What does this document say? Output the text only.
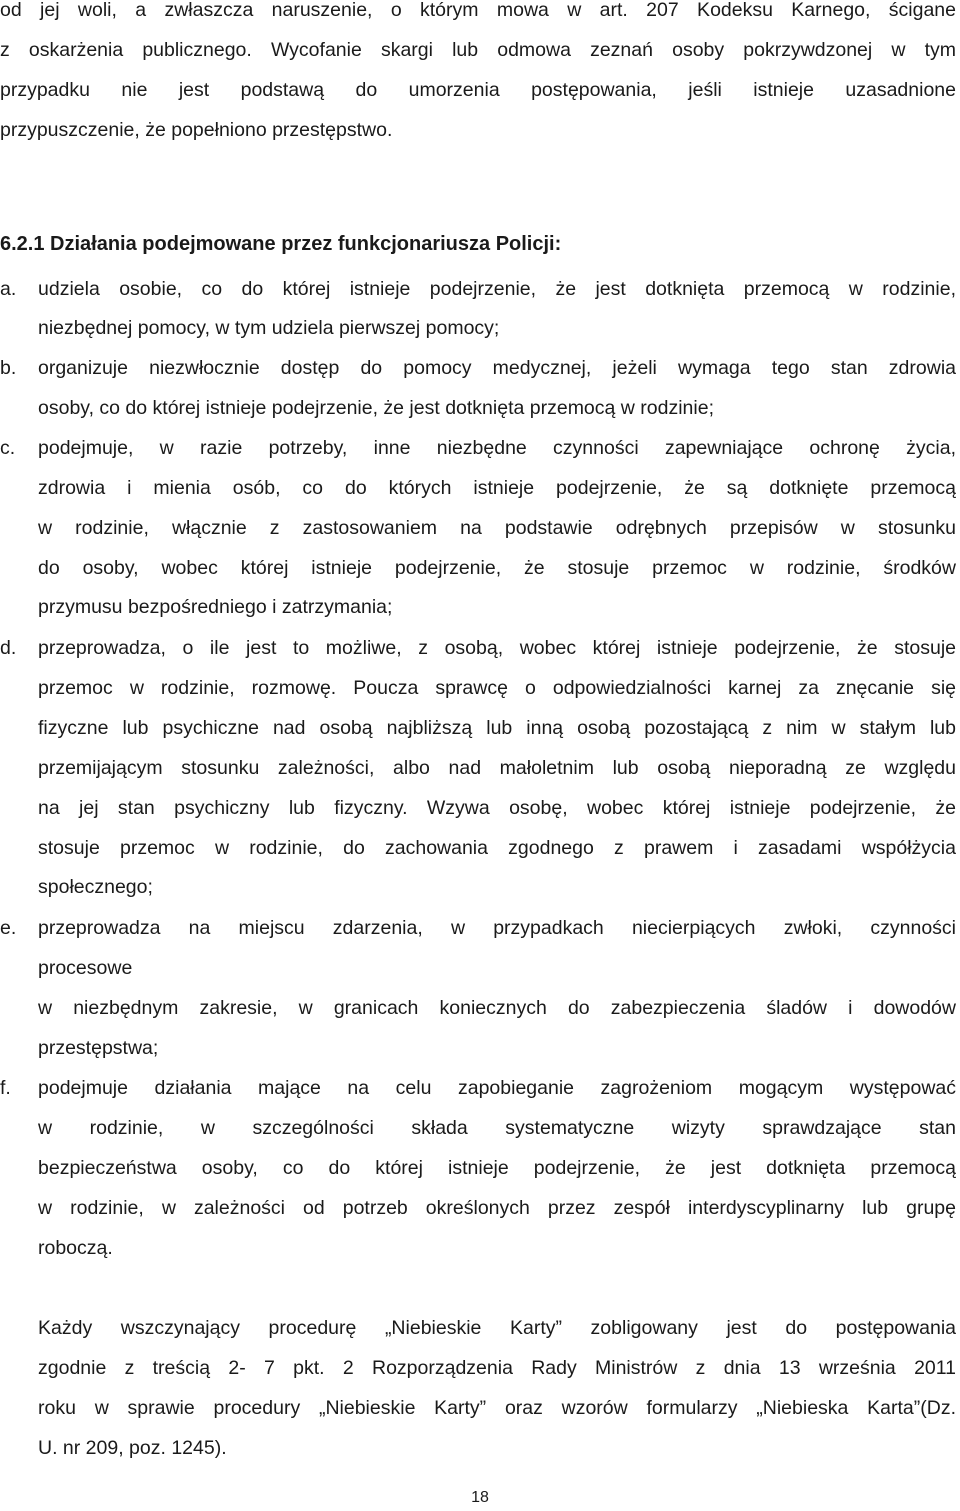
od jej woli, a zwłaszcza naruszenie, o którym mowa w art. 207 Kodeksu Karnego, ścigane
z oskarżenia publicznego. Wycofanie skargi lub odmowa zeznań osoby pokrzywdzonej w tym
przypadku nie jest podstawą do umorzenia postępowania, jeśli istnieje uzasadnione
przypuszczenie, że popełniono przestępstwo.
6.2.1 Działania podejmowane przez funkcjonariusza Policji:
a. udziela osobie, co do której istnieje podejrzenie, że jest dotknięta przemocą w rodzinie,
niezbędnej pomocy, w tym udziela pierwszej pomocy;
b. organizuje niezwłocznie dostęp do pomocy medycznej, jeżeli wymaga tego stan zdrowia
osoby, co do której istnieje podejrzenie, że jest dotknięta przemocą w rodzinie;
c. podejmuje, w razie potrzeby, inne niezbędne czynności zapewniające ochronę życia,
zdrowia i mienia osób, co do których istnieje podejrzenie, że są dotknięte przemocą
w rodzinie, włącznie z zastosowaniem na podstawie odrębnych przepisów w stosunku
do osoby, wobec której istnieje podejrzenie, że stosuje przemoc w rodzinie, środków
przymusu bezpośredniego i zatrzymania;
d. przeprowadza, o ile jest to możliwe, z osobą, wobec której istnieje podejrzenie, że stosuje
przemoc w rodzinie, rozmowę. Poucza sprawcę o odpowiedzialności karnej za znęcanie się
fizyczne lub psychiczne nad osobą najbliższą lub inną osobą pozostającą z nim w stałym lub
przemijającym stosunku zależności, albo nad małoletnim lub osobą nieporadną ze względu
na jej stan psychiczny lub fizyczny. Wzywa osobę, wobec której istnieje podejrzenie, że
stosuje przemoc w rodzinie, do zachowania zgodnego z prawem i zasadami współżycia
społecznego;
e. przeprowadza na miejscu zdarzenia, w przypadkach niecierpiących zwłoki, czynności
procesowe
w niezbędnym zakresie, w granicach koniecznych do zabezpieczenia śladów i dowodów
przestępstwa;
f. podejmuje działania mające na celu zapobieganie zagrożeniom mogącym występować
w rodzinie, w szczególności składa systematyczne wizyty sprawdzające stan
bezpieczeństwa osoby, co do której istnieje podejrzenie, że jest dotknięta przemocą
w rodzinie, w zależności od potrzeb określonych przez zespół interdyscyplinarny lub grupę
roboczą.
Każdy wszczynający procedurę „Niebieskie Karty” zobligowany jest do postępowania
zgodnie z treścią 2- 7 pkt. 2 Rozporządzenia Rady Ministrów z dnia 13 września 2011
roku w sprawie procedury „Niebieskie Karty” oraz wzorów formularzy „Niebieska Karta”(Dz.
U. nr 209, poz. 1245).
18
